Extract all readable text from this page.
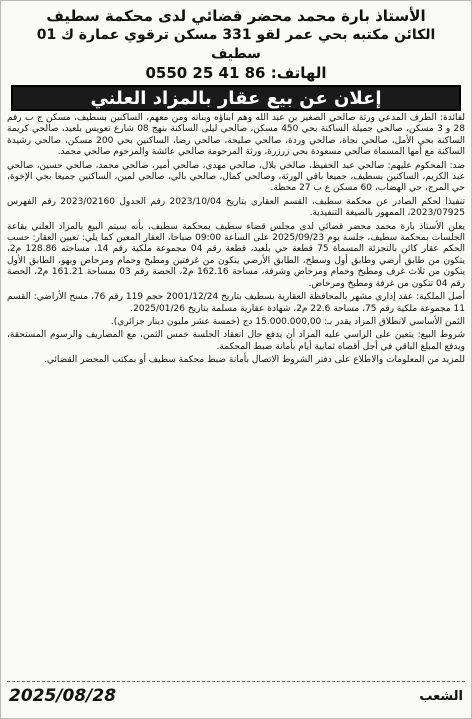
الأستاذ بارة محمد محضر قضائي لدى محكمة سطيف
الكائن مكتبه بحي عمر لقو 331 مسكن ترقوي عمارة ك 01 سطيف
الهاتف: 0550 25 41 86
إعلان عن بيع عقار بالمزاد العلني

لفائدة: الطرف المدعي ورثة صالحي الصغير بن عبد الله وهم أبناؤه وبناته ومن معهم، الساكنين بسطيف، مسكن ج ب رقم 28 و 3 مسكن، صالحي جميلة الساكنة بحي 450 مسكن، صالحي ليلى الساكنة بنهج 08 شارع تعويس بلعيد، صالحي كريمة الساكنة بحي الأمل، صالحي نجاة، صالحي وردة، صالحي صليحة، صالحي رضا، الساكنين بحي 200 مسكن، صالحي رشيدة الساكنة مع أمها المسماة صالحي مسعودة بحي زرزرة، ورثة المرحومة صالحي عائشة والمرحوم صالحي محمد.

ضد: المحكوم عليهم: صالحي عبد الحفيظ، صالحي بلال، صالحي مهدي، صالحي أمير، صالحي محمد، صالحي حسين، صالحي عبد الكريم، الساكنين بسطيف، جميعا باقي الورثة، وصالحي كمال، صالحي بالي، صالحي لمين، الساكنين جميعا بحي الإخوة، حي المرج، حي الهضاب، 60 مسكن ع ب 27 محطة.

تنفيذا لحكم الصادر عن محكمة سطيف، القسم العقاري بتاريخ 2023/10/04 رقم الجدول 2023/02160 رقم الفهرس 2023/07925، الممهور بالصيغة التنفيذية.

يعلن الأستاذ بارة محمد محضر قضائي لدى مجلس قضاء سطيف بمحكمة سطيف، بأنه سيتم البيع بالمزاد العلني بقاعة الجلسات بمحكمة سطيف، جلسة يوم 2025/09/23 على الساعة 09:00 صباحا، العقار المعين كما يلي: تعيين العقار: حسب الحكم عقار كائن بالتجزئة المسماة 75 قطعة حي بلعيد، قطعة رقم 04 مجموعة ملكية رقم 14، مساحته 128.86 م2، يتكون من طابق أرضي وطابق أول وسطح، الطابق الأرضي يتكون من غرفتين ومطبخ وحمام ومرحاض وبهو، الطابق الأول يتكون من ثلاث غرف ومطبخ وحمام ومرحاض وشرفة، مساحة 162.16 م2، الحصة رقم 03 بمساحة 161.21 م2، الحصة رقم 04 تتكون من غرفة ومطبخ ومرحاض.

أصل الملكية: عقد إداري مشهر بالمحافظة العقارية بسطيف بتاريخ 2001/12/24 حجم 119 رقم 76، مسح الأراضي: القسم 11 مجموعة ملكية رقم 75، مساحة 22.6 م2، شهادة عقارية مسلمة بتاريخ 2025/01/26.

الثمن الأساسي لانطلاق المزاد يقدر بـ: 15.000.000,00 دج (خمسة عشر مليون دينار جزائري).

شروط البيع: يتعين على الراسي عليه المزاد أن يدفع حال انعقاد الجلسة خمس الثمن، مع المصاريف والرسوم المستحقة، ويدفع المبلغ الباقي في أجل أقصاه ثمانية أيام بأمانة ضبط المحكمة.

للمزيد من المعلومات والاطلاع على دفتر الشروط الاتصال بأمانة ضبط محكمة سطيف أو بمكتب المحضر القضائي.

الشعب
2025/08/28
